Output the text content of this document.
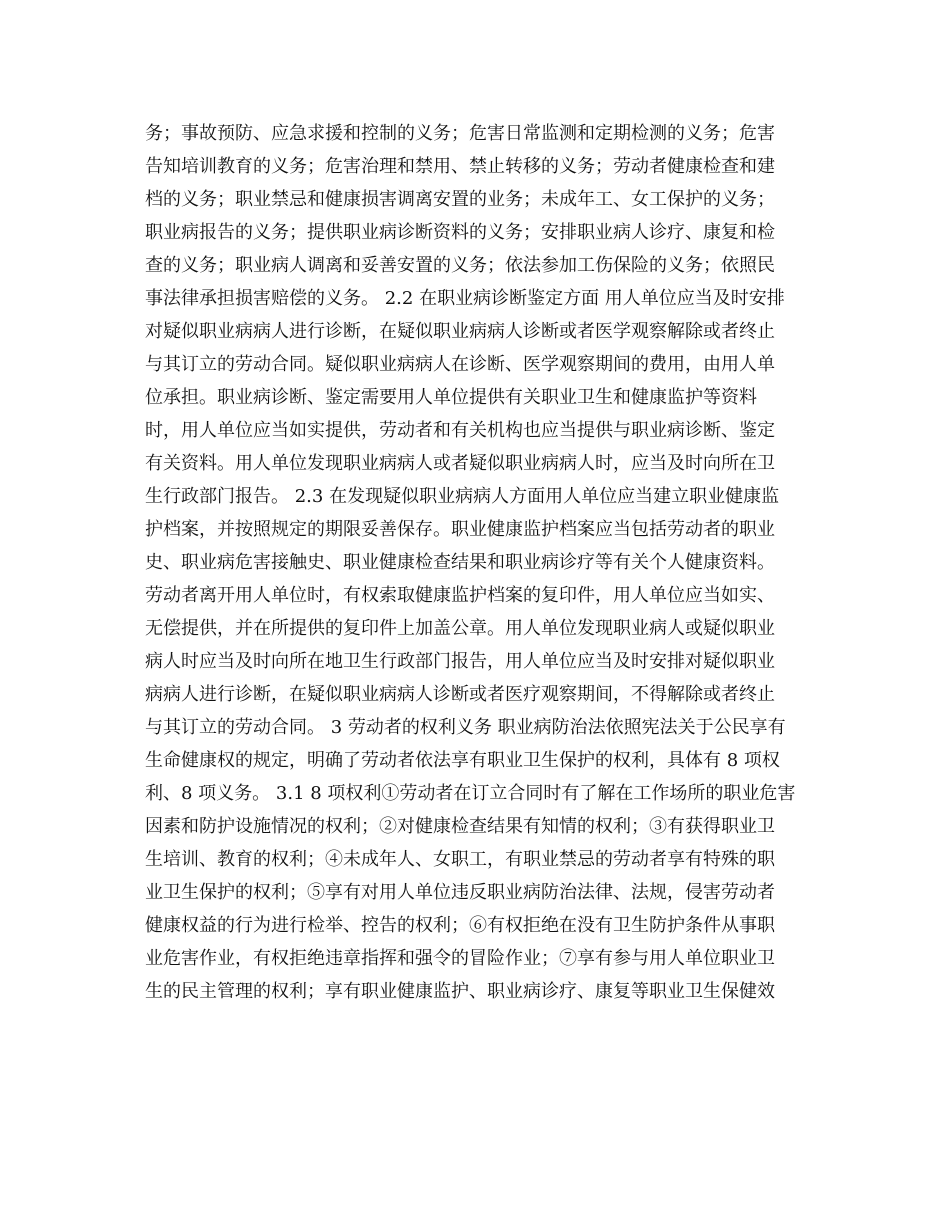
务；事故预防、应急求援和控制的义务；危害日常监测和定期检测的义务；危害
告知培训教育的义务；危害治理和禁用、禁止转移的义务；劳动者健康检查和建
档的义务；职业禁忌和健康损害调离安置的业务；未成年工、女工保护的义务；
职业病报告的义务；提供职业病诊断资料的义务；安排职业病人诊疗、康复和检
查的义务；职业病人调离和妥善安置的义务；依法参加工伤保险的义务；依照民
事法律承担损害赔偿的义务。 2.2 在职业病诊断鉴定方面 用人单位应当及时安排
对疑似职业病病人进行诊断，在疑似职业病病人诊断或者医学观察解除或者终止
与其订立的劳动合同。疑似职业病病人在诊断、医学观察期间的费用，由用人单
位承担。职业病诊断、鉴定需要用人单位提供有关职业卫生和健康监护等资料
时，用人单位应当如实提供，劳动者和有关机构也应当提供与职业病诊断、鉴定
有关资料。用人单位发现职业病病人或者疑似职业病病人时，应当及时向所在卫
生行政部门报告。 2.3 在发现疑似职业病病人方面用人单位应当建立职业健康监
护档案，并按照规定的期限妥善保存。职业健康监护档案应当包括劳动者的职业
史、职业病危害接触史、职业健康检查结果和职业病诊疗等有关个人健康资料。
劳动者离开用人单位时，有权索取健康监护档案的复印件，用人单位应当如实、
无偿提供，并在所提供的复印件上加盖公章。用人单位发现职业病人或疑似职业
病人时应当及时向所在地卫生行政部门报告，用人单位应当及时安排对疑似职业
病病人进行诊断，在疑似职业病病人诊断或者医疗观察期间，不得解除或者终止
与其订立的劳动合同。 3 劳动者的权利义务 职业病防治法依照宪法关于公民享有
生命健康权的规定，明确了劳动者依法享有职业卫生保护的权利，具体有 8 项权
利、8 项义务。 3.1 8 项权利①劳动者在订立合同时有了解在工作场所的职业危害
因素和防护设施情况的权利；②对健康检查结果有知情的权利；③有获得职业卫
生培训、教育的权利；④未成年人、女职工，有职业禁忌的劳动者享有特殊的职
业卫生保护的权利；⑤享有对用人单位违反职业病防治法律、法规，侵害劳动者
健康权益的行为进行检举、控告的权利；⑥有权拒绝在没有卫生防护条件从事职
业危害作业，有权拒绝违章指挥和强令的冒险作业；⑦享有参与用人单位职业卫
生的民主管理的权利；享有职业健康监护、职业病诊疗、康复等职业卫生保健效
